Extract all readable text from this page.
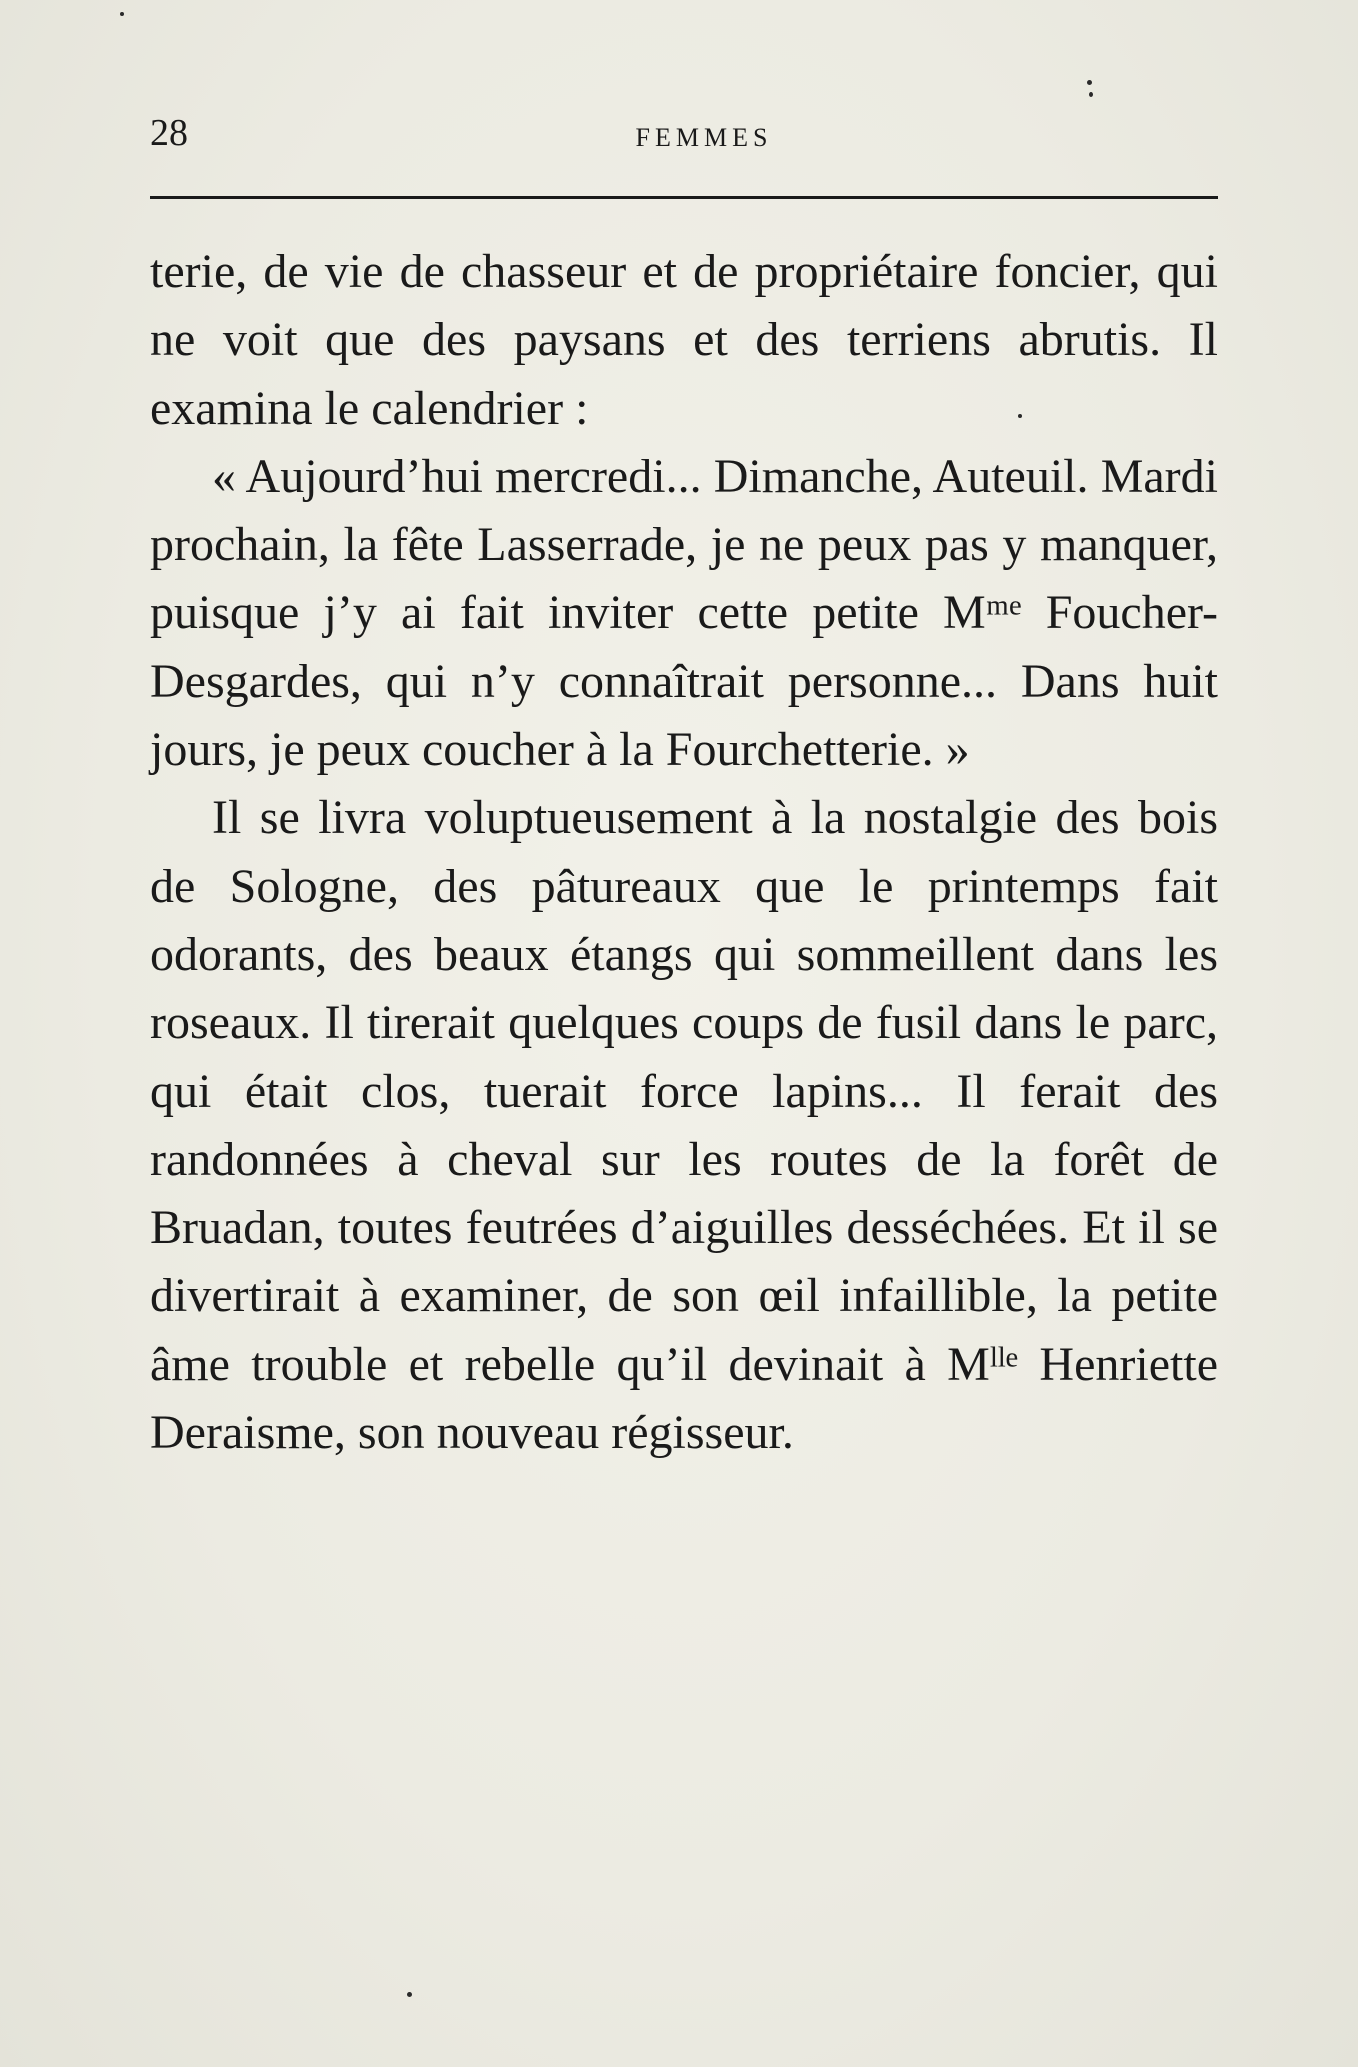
28	FEMMES

terie, de vie de chasseur et de propriétaire foncier, qui ne voit que des paysans et des terriens abrutis. Il examina le calendrier :

« Aujourd’hui mercredi... Dimanche, Auteuil. Mardi prochain, la fête Lasserrade, je ne peux pas y manquer, puisque j’y ai fait inviter cette petite Mᵐᵉ Foucher-Desgardes, qui n’y connaîtrait personne... Dans huit jours, je peux coucher à la Fourchetterie. »

Il se livra voluptueusement à la nostalgie des bois de Sologne, des pâtureaux que le printemps fait odorants, des beaux étangs qui sommeillent dans les roseaux. Il tirerait quelques coups de fusil dans le parc, qui était clos, tuerait force lapins... Il ferait des randonnées à cheval sur les routes de la forêt de Bruadan, toutes feutrées d’aiguilles desséchées. Et il se divertirait à examiner, de son œil infaillible, la petite âme trouble et rebelle qu’il devinait à Mˡˡᵉ Henriette Deraisme, son nouveau régisseur.
